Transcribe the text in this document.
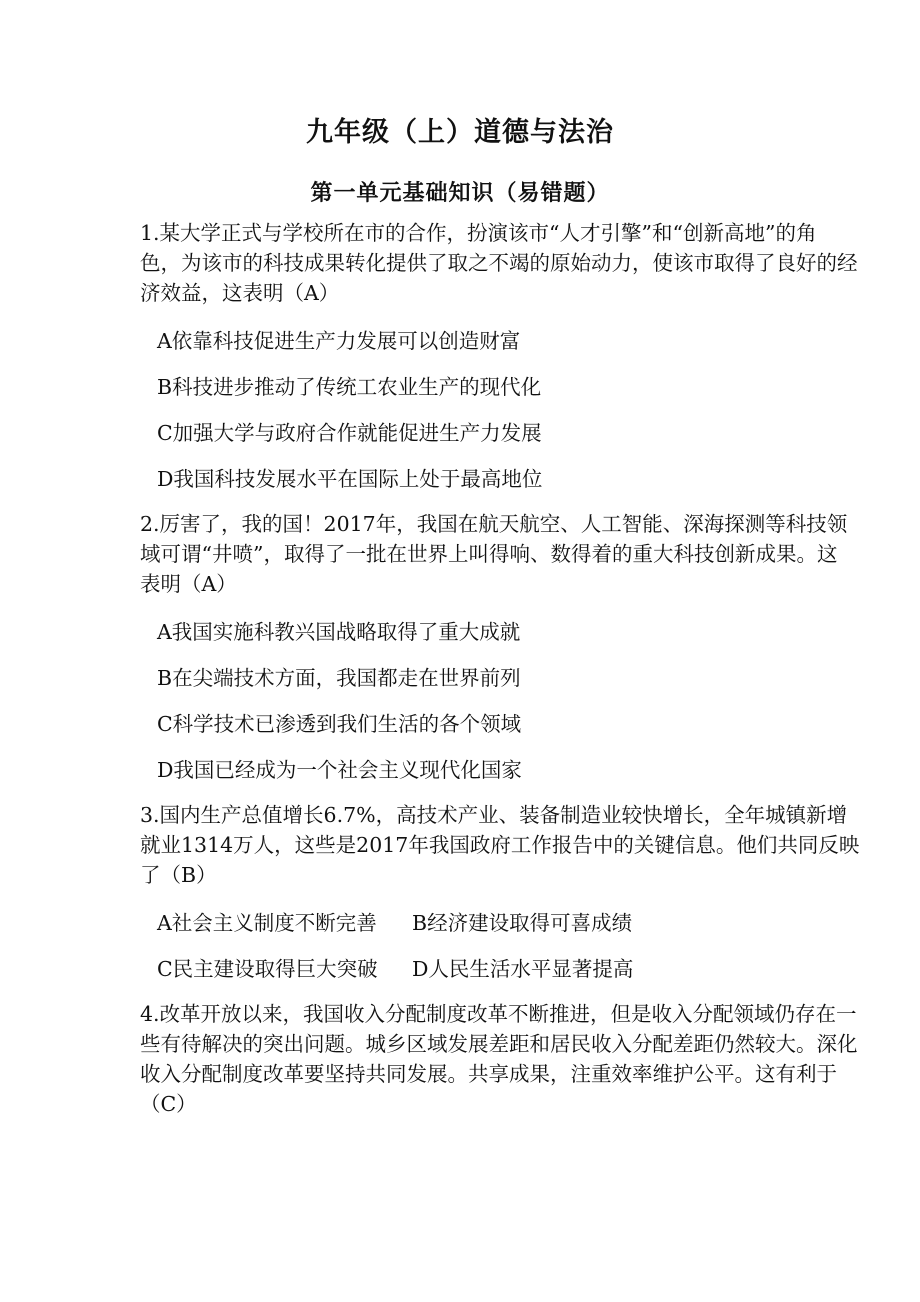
九年级（上）道德与法治
第一单元基础知识（易错题）
1.某大学正式与学校所在市的合作，扮演该市“人才引擎”和“创新高地”的角
色，为该市的科技成果转化提供了取之不竭的原始动力，使该市取得了良好的经
济效益，这表明（A）
A依靠科技促进生产力发展可以创造财富
B科技进步推动了传统工农业生产的现代化
C加强大学与政府合作就能促进生产力发展
D我国科技发展水平在国际上处于最高地位
2.厉害了，我的国！2017年，我国在航天航空、人工智能、深海探测等科技领
域可谓“井喷”，取得了一批在世界上叫得响、数得着的重大科技创新成果。这
表明（A）
A我国实施科教兴国战略取得了重大成就
B在尖端技术方面，我国都走在世界前列
C科学技术已渗透到我们生活的各个领域
D我国已经成为一个社会主义现代化国家
3.国内生产总值增长6.7%，高技术产业、装备制造业较快增长，全年城镇新增
就业1314万人，这些是2017年我国政府工作报告中的关键信息。他们共同反映
了（B）
A社会主义制度不断完善	B经济建设取得可喜成绩
C民主建设取得巨大突破	D人民生活水平显著提高
4.改革开放以来，我国收入分配制度改革不断推进，但是收入分配领域仍存在一
些有待解决的突出问题。城乡区域发展差距和居民收入分配差距仍然较大。深化
收入分配制度改革要坚持共同发展。共享成果，注重效率维护公平。这有利于
（C）
